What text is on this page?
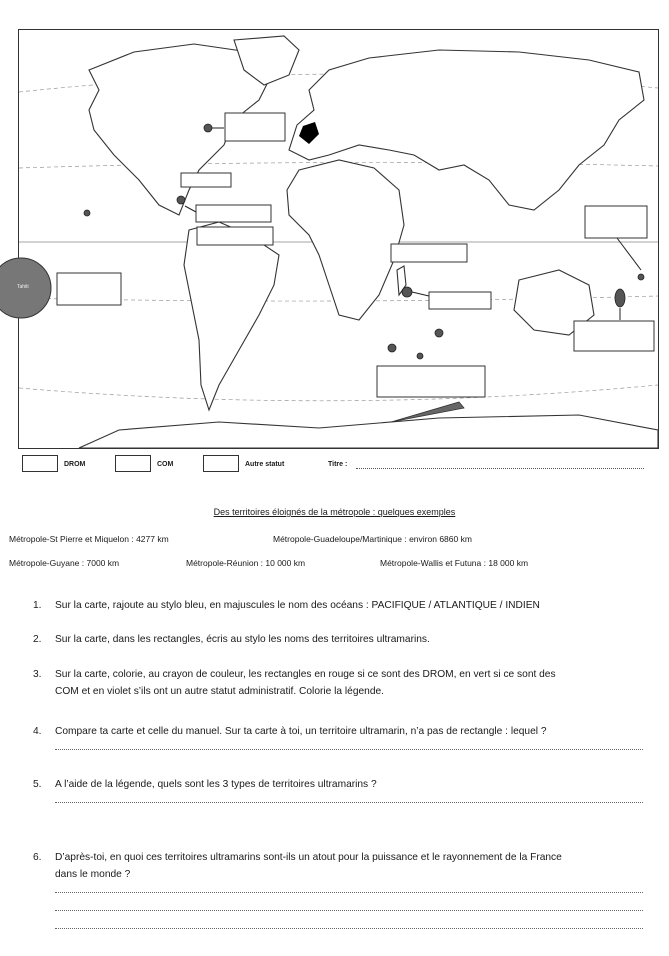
Tahiti
DROM	COM	Autre statut	Titre :
Des territoires éloignés de la métropole : quelques exemples
Métropole-St Pierre et Miquelon : 4277 km	Métropole-Guadeloupe/Martinique : environ 6860 km
Métropole-Guyane : 7000 km	Métropole-Réunion : 10 000 km	Métropole-Wallis et Futuna : 18 000 km
1.	Sur la carte, rajoute au stylo bleu, en majuscules le nom des océans : PACIFIQUE / ATLANTIQUE / INDIEN
2.	Sur la carte, dans les rectangles, écris au stylo les noms des territoires ultramarins.
3.	Sur la carte, colorie, au crayon de couleur, les rectangles en rouge si ce sont des DROM, en vert si ce sont des
COM et en violet s’ils ont un autre statut administratif. Colorie la légende.
4.	Compare ta carte et celle du manuel. Sur ta carte à toi, un territoire ultramarin, n’a pas de rectangle : lequel ?
5.	A l’aide de la légende, quels sont les 3 types de territoires ultramarins ?
6.	D’après-toi, en quoi ces territoires ultramarins sont-ils un atout pour la puissance et le rayonnement de la France
dans le monde ?
